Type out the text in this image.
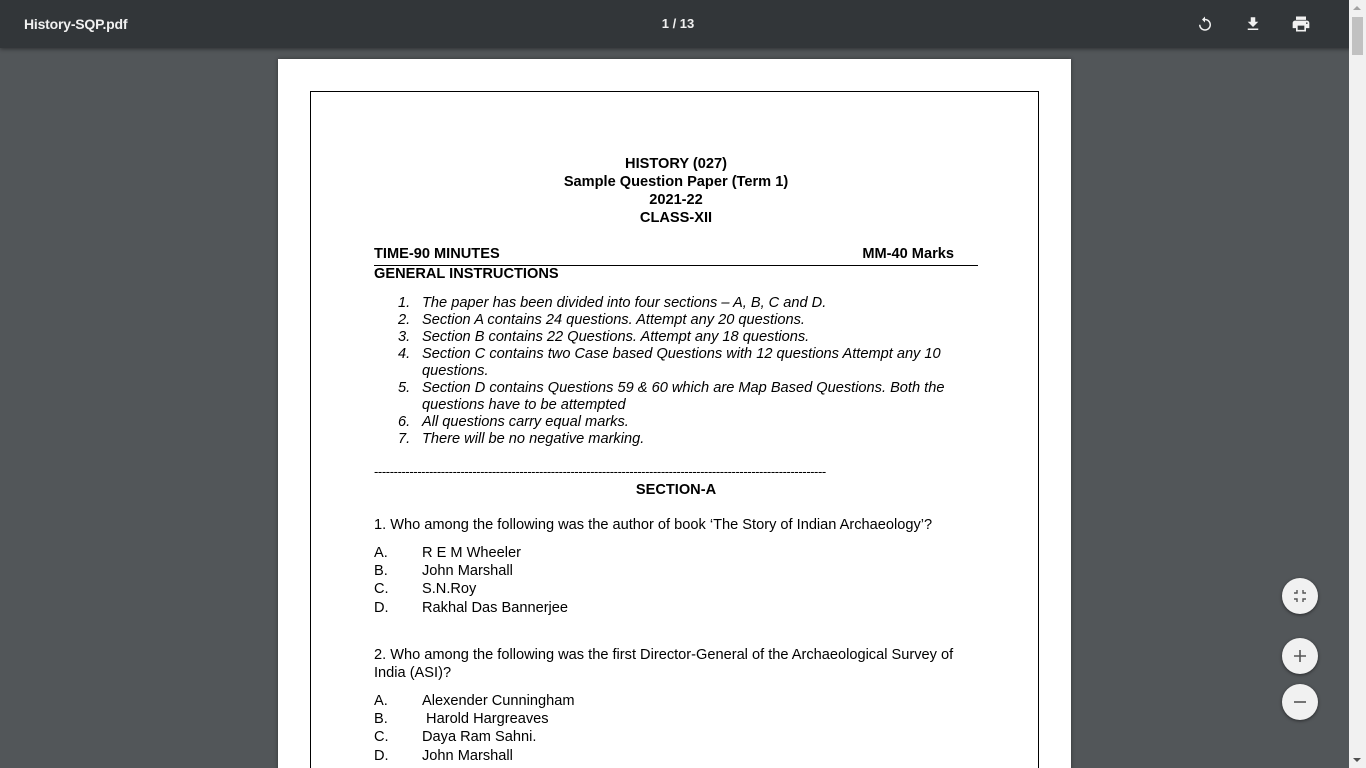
History-SQP.pdf	1 / 13
HISTORY (027)
Sample Question Paper (Term 1)
2021-22
CLASS-XII
TIME-90 MINUTES	MM-40 Marks
GENERAL INSTRUCTIONS
1. The paper has been divided into four sections – A, B, C and D.
2. Section A contains 24 questions. Attempt any 20 questions.
3. Section B contains 22 Questions. Attempt any 18 questions.
4. Section C contains two Case based Questions with 12 questions Attempt any 10 questions.
5. Section D contains Questions 59 & 60 which are Map Based Questions. Both the questions have to be attempted
6. All questions carry equal marks.
7. There will be no negative marking.
-------------------------------------------------------------------------------------------------------------------
SECTION-A
1. Who among the following was the author of book ‘The Story of Indian Archaeology’?
A. R E M Wheeler
B. John Marshall
C. S.N.Roy
D. Rakhal Das Bannerjee
2. Who among the following was the first Director-General of the Archaeological Survey of India (ASI)?
A. Alexender Cunningham
B. Harold Hargreaves
C. Daya Ram Sahni.
D. John Marshall
